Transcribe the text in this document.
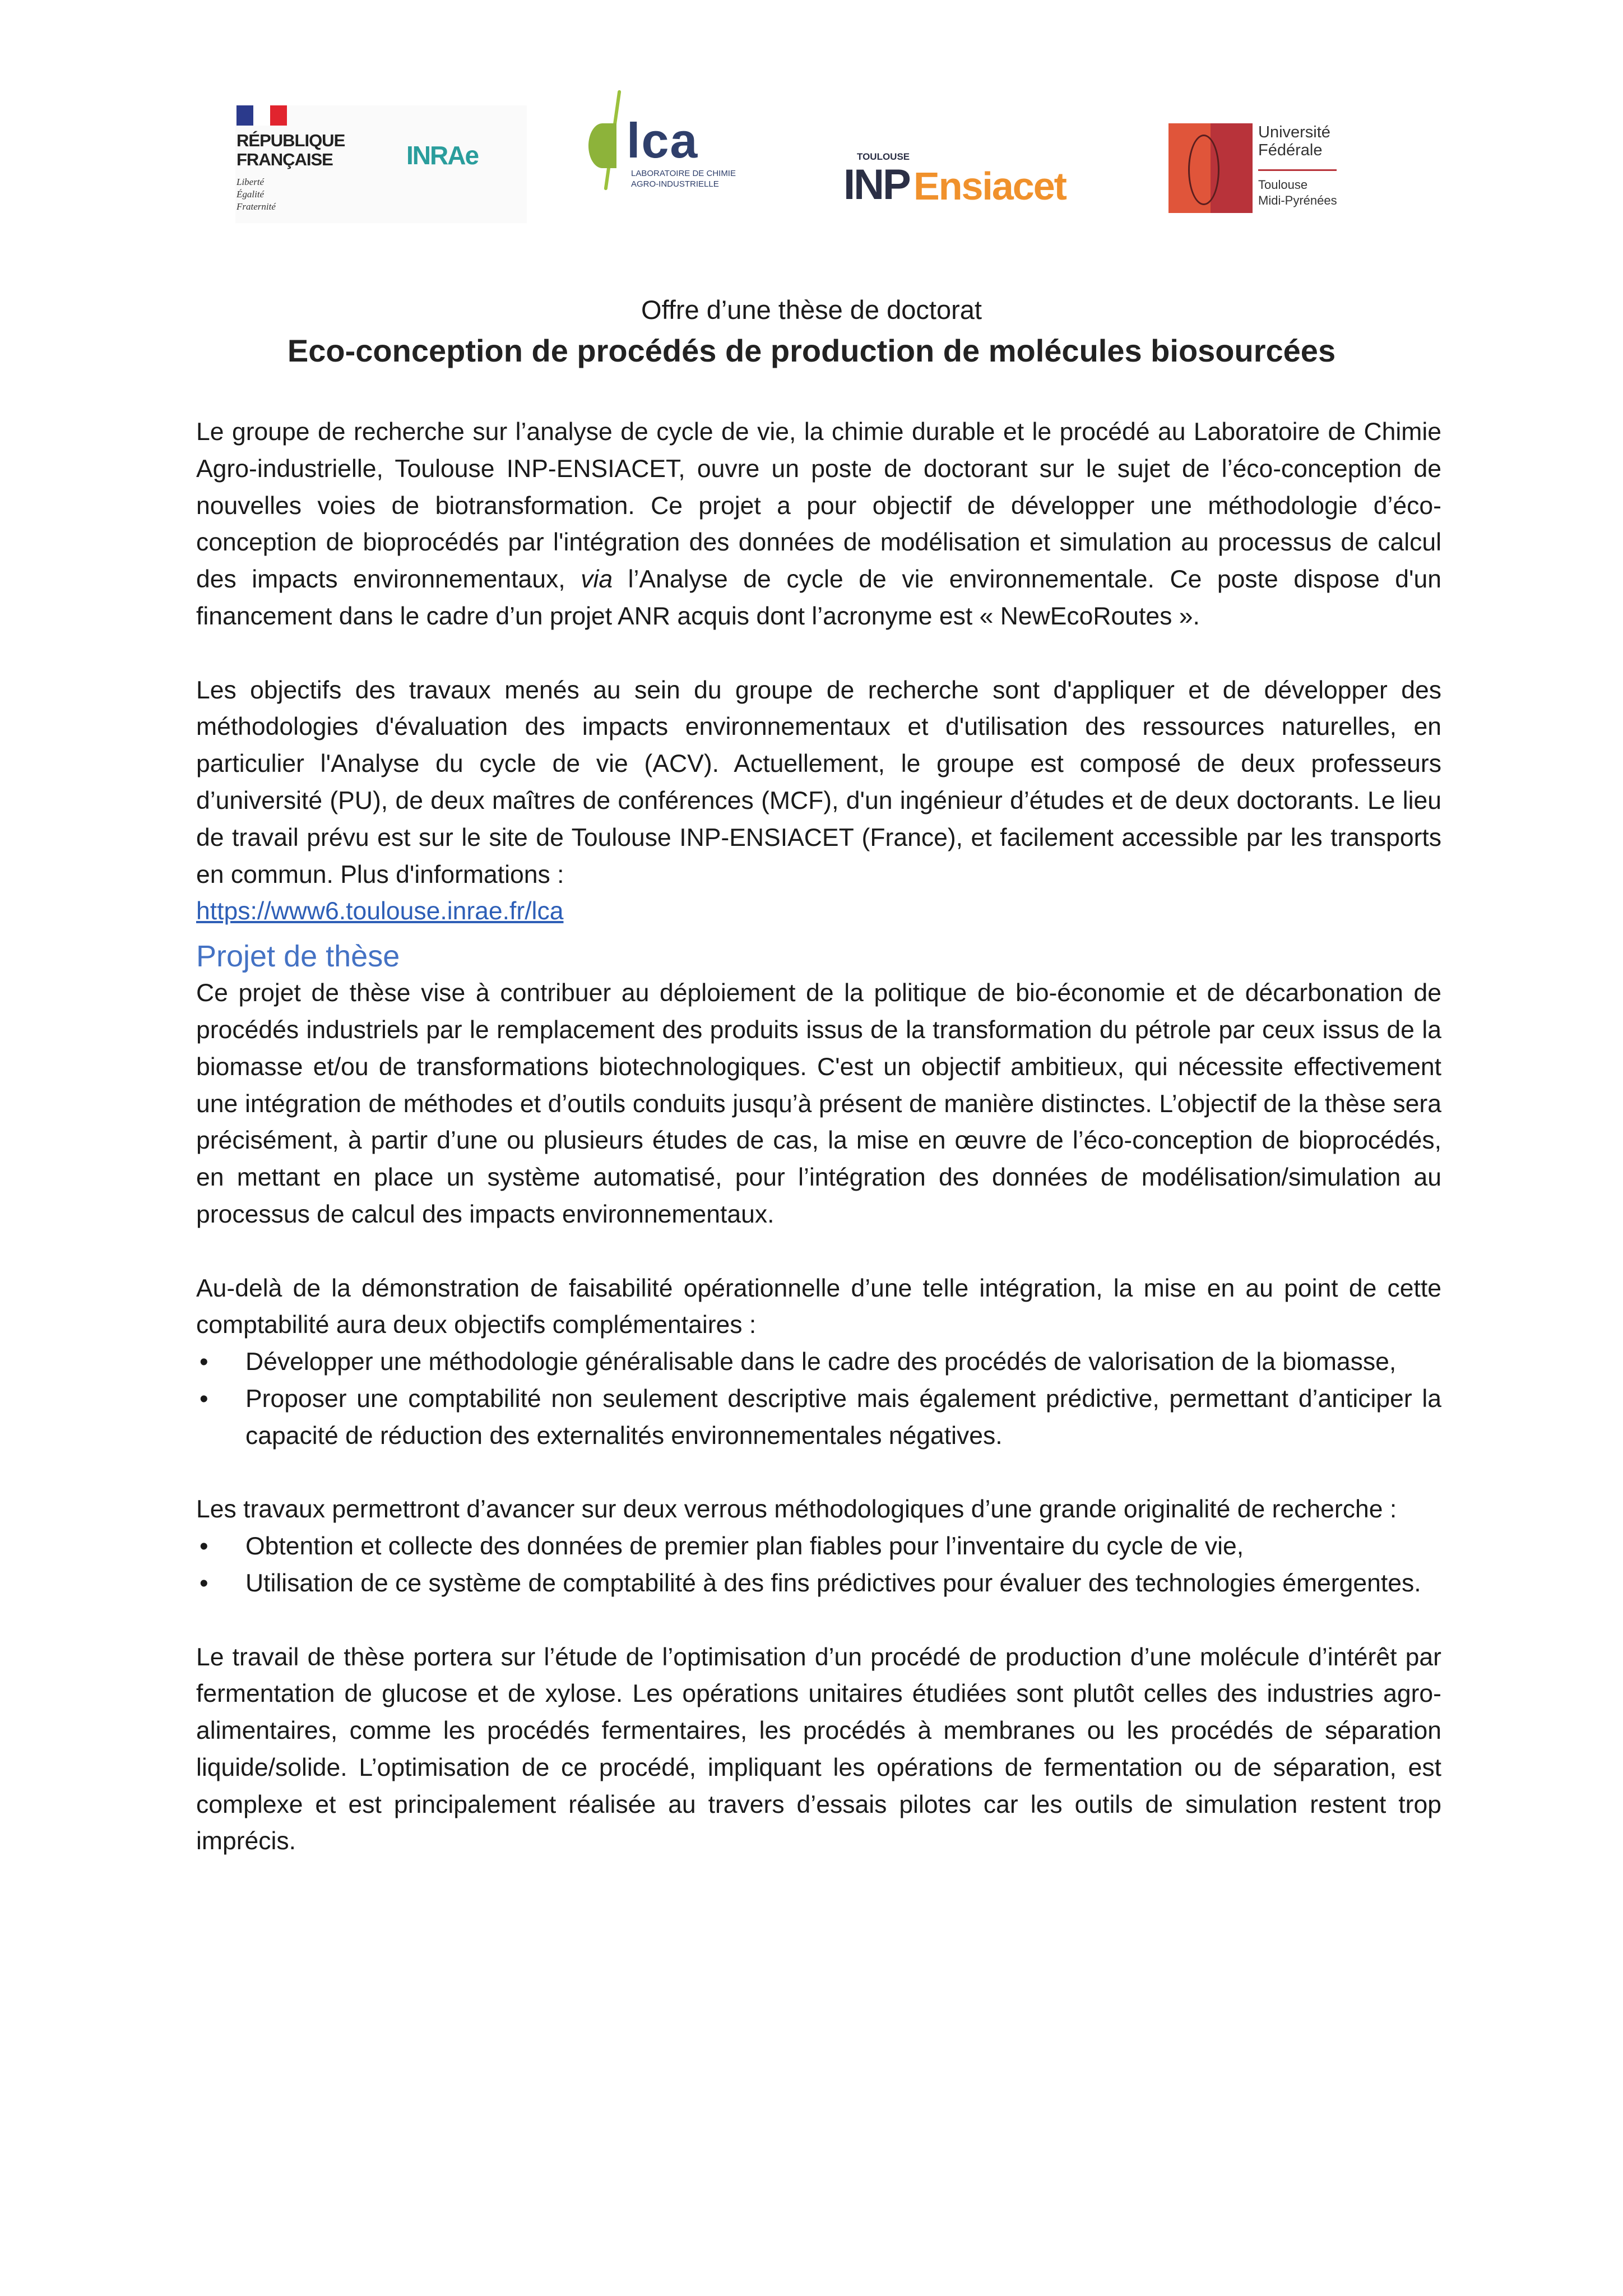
RÉPUBLIQUE FRANÇAISE
Liberté
Égalité
Fraternité
INRAe	lca
LABORATOIRE DE CHIMIE
AGRO-INDUSTRIELLE
TOULOUSE
INP Ensiacet
Université
Fédérale
Toulouse
Midi-Pyrénées
Offre d’une thèse de doctorat
Eco-conception de procédés de production de molécules biosourcées

Le groupe de recherche sur l’analyse de cycle de vie, la chimie durable et le procédé au Laboratoire de Chimie Agro-industrielle, Toulouse INP-ENSIACET, ouvre un poste de doctorant sur le sujet de l’éco-conception de nouvelles voies de biotransformation. Ce projet a pour objectif de développer une méthodologie d’éco-conception de bioprocédés par l'intégration des données de modélisation et simulation au processus de calcul des impacts environnementaux, via l’Analyse de cycle de vie environnementale. Ce poste dispose d'un financement dans le cadre d’un projet ANR acquis dont l’acronyme est « NewEcoRoutes ».

Les objectifs des travaux menés au sein du groupe de recherche sont d'appliquer et de développer des méthodologies d'évaluation des impacts environnementaux et d'utilisation des ressources naturelles, en particulier l'Analyse du cycle de vie (ACV). Actuellement, le groupe est composé de deux professeurs d’université (PU), de deux maîtres de conférences (MCF), d'un ingénieur d’études et de deux doctorants. Le lieu de travail prévu est sur le site de Toulouse INP-ENSIACET (France), et facilement accessible par les transports en commun. Plus d'informations :

https://www6.toulouse.inrae.fr/lca
Projet de thèse

Ce projet de thèse vise à contribuer au déploiement de la politique de bio-économie et de décarbonation de procédés industriels par le remplacement des produits issus de la transformation du pétrole par ceux issus de la biomasse et/ou de transformations biotechnologiques. C'est un objectif ambitieux, qui nécessite effectivement une intégration de méthodes et d’outils conduits jusqu’à présent de manière distinctes. L’objectif de la thèse sera précisément, à partir d’une ou plusieurs études de cas, la mise en œuvre de l’éco-conception de bioprocédés, en mettant en place un système automatisé, pour l’intégration des données de modélisation/simulation au processus de calcul des impacts environnementaux.

Au-delà de la démonstration de faisabilité opérationnelle d’une telle intégration, la mise en au point de cette comptabilité aura deux objectifs complémentaires :

• Développer une méthodologie généralisable dans le cadre des procédés de valorisation de la biomasse,
• Proposer une comptabilité non seulement descriptive mais également prédictive, permettant d’anticiper la capacité de réduction des externalités environnementales négatives.

Les travaux permettront d’avancer sur deux verrous méthodologiques d’une grande originalité de recherche :

• Obtention et collecte des données de premier plan fiables pour l’inventaire du cycle de vie,
• Utilisation de ce système de comptabilité à des fins prédictives pour évaluer des technologies émergentes.

Le travail de thèse portera sur l’étude de l’optimisation d’un procédé de production d’une molécule d’intérêt par fermentation de glucose et de xylose. Les opérations unitaires étudiées sont plutôt celles des industries agro-alimentaires, comme les procédés fermentaires, les procédés à membranes ou les procédés de séparation liquide/solide. L’optimisation de ce procédé, impliquant les opérations de fermentation ou de séparation, est complexe et est principalement réalisée au travers d’essais pilotes car les outils de simulation restent trop imprécis.
